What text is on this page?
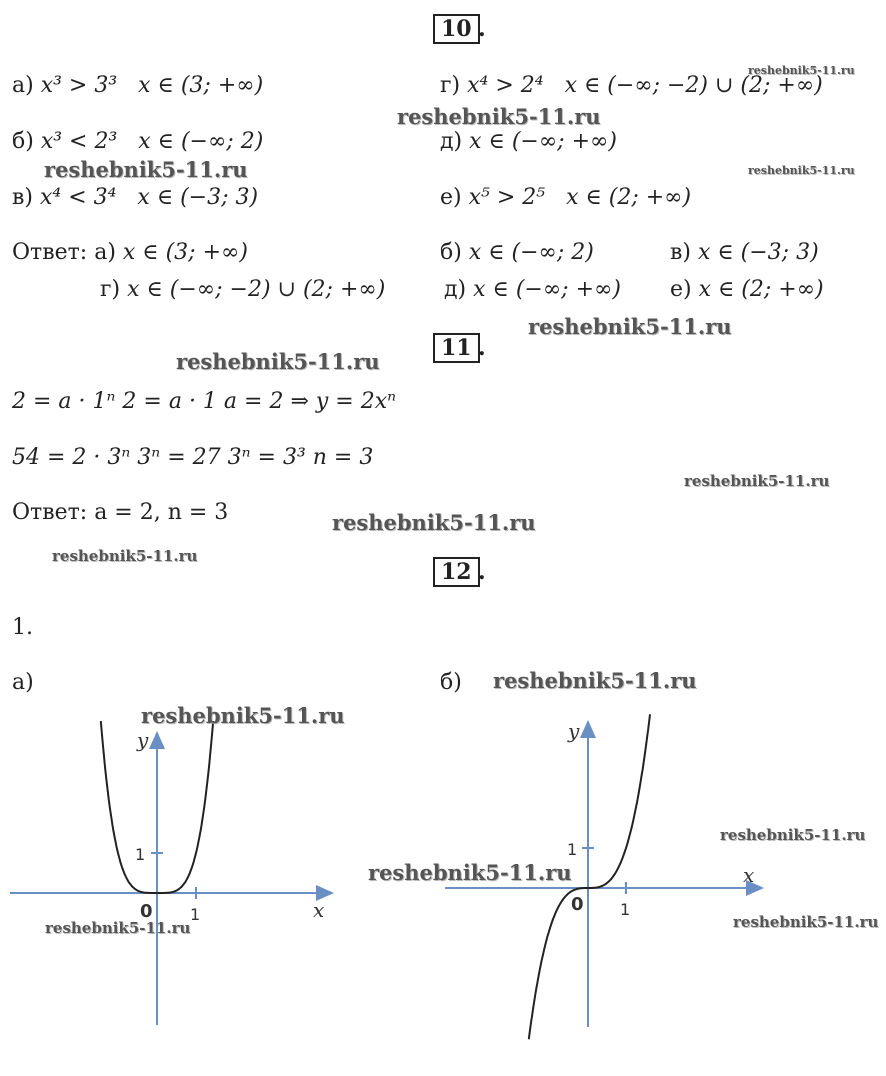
10 .
а) x³ > 3³ x ∈ (3; +∞)	г) x⁴ > 2⁴ x ∈ (−∞; −2) ∪ (2; +∞)
б) x³ < 2³ x ∈ (−∞; 2)	д) x ∈ (−∞; +∞)
в) x⁴ < 3⁴ x ∈ (−3; 3)	е) x⁵ > 2⁵ x ∈ (2; +∞)
Ответ: а) x ∈ (3; +∞)	б) x ∈ (−∞; 2)	в) x ∈ (−3; 3)
г) x ∈ (−∞; −2) ∪ (2; +∞)	д) x ∈ (−∞; +∞) е) x ∈ (2; +∞)
11 .
2 = a · 1ⁿ 2 = a · 1 a = 2 ⇒ y = 2xⁿ
54 = 2 · 3ⁿ 3ⁿ = 27 3ⁿ = 3³ n = 3
Ответ: a = 2, n = 3
12 .
1.
а)	б)
y
x
0 1
1
y
x
0 1
1
reshebnik5-11.ru
reshebnik5-11.ru
reshebnik5-11.ru	reshebnik5-11.ru
reshebnik5-11.ru
reshebnik5-11.ru
reshebnik5-11.ru
reshebnik5-11.ru
reshebnik5-11.ru
reshebnik5-11.ru
reshebnik5-11.ru
reshebnik5-11.ru
reshebnik5-11.ru
reshebnik5-11.ru
reshebnik5-11.ru
